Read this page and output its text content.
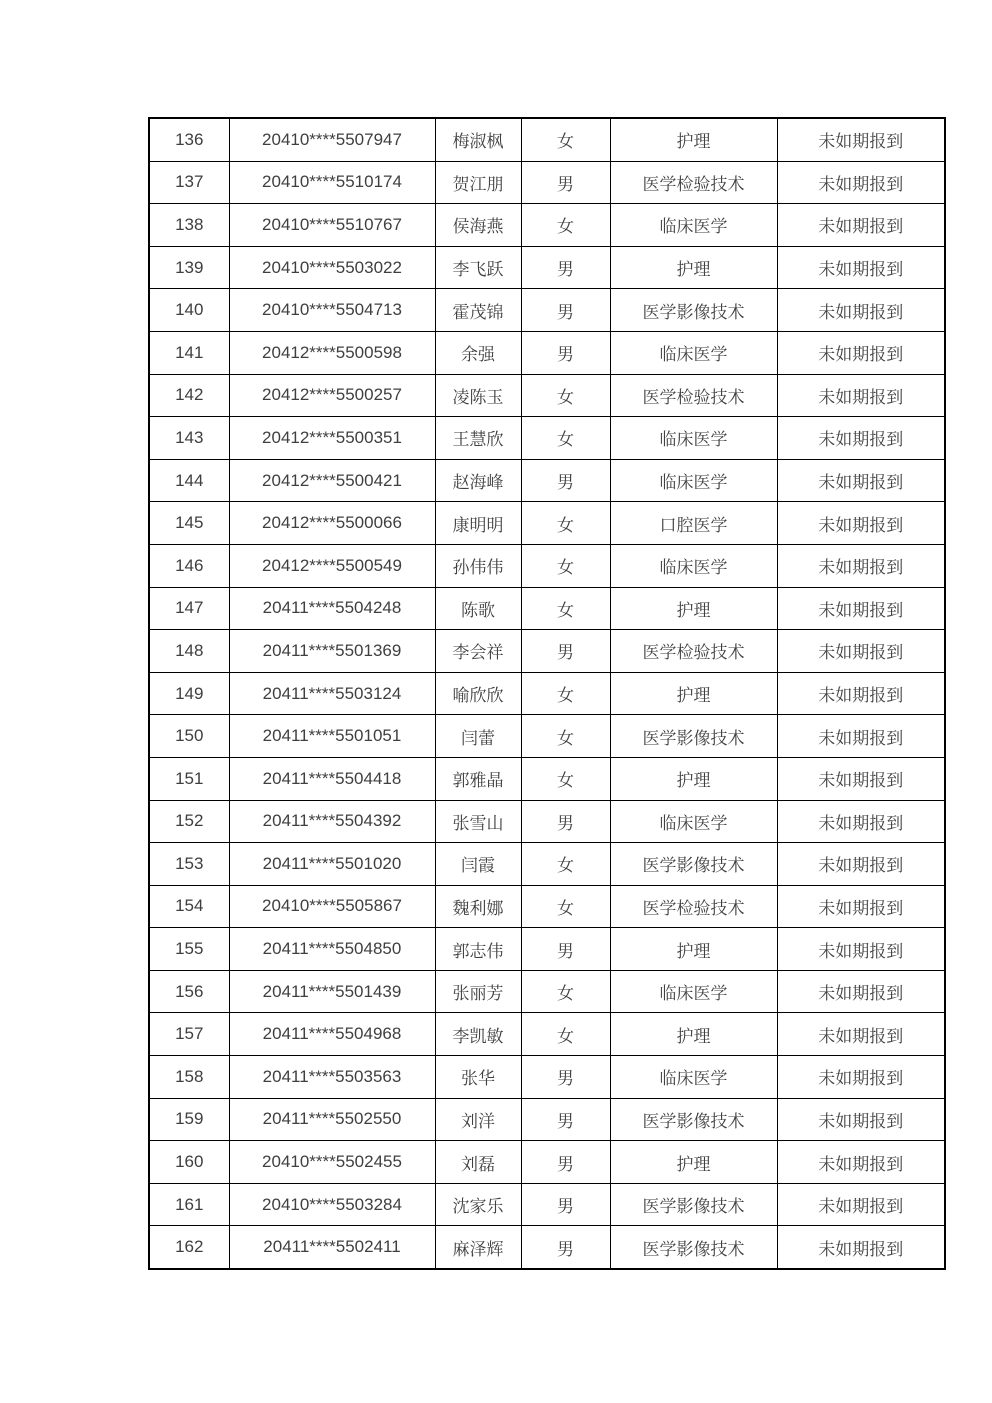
136	20410****5507947	梅淑枫	女	护理	未如期报到
137	20410****5510174	贺江朋	男	医学检验技术	未如期报到
138	20410****5510767	侯海燕	女	临床医学	未如期报到
139	20410****5503022	李飞跃	男	护理	未如期报到
140	20410****5504713	霍茂锦	男	医学影像技术	未如期报到
141	20412****5500598	余强	男	临床医学	未如期报到
142	20412****5500257	凌陈玉	女	医学检验技术	未如期报到
143	20412****5500351	王慧欣	女	临床医学	未如期报到
144	20412****5500421	赵海峰	男	临床医学	未如期报到
145	20412****5500066	康明明	女	口腔医学	未如期报到
146	20412****5500549	孙伟伟	女	临床医学	未如期报到
147	20411****5504248	陈歌	女	护理	未如期报到
148	20411****5501369	李会祥	男	医学检验技术	未如期报到
149	20411****5503124	喻欣欣	女	护理	未如期报到
150	20411****5501051	闫蕾	女	医学影像技术	未如期报到
151	20411****5504418	郭雅晶	女	护理	未如期报到
152	20411****5504392	张雪山	男	临床医学	未如期报到
153	20411****5501020	闫霞	女	医学影像技术	未如期报到
154	20410****5505867	魏利娜	女	医学检验技术	未如期报到
155	20411****5504850	郭志伟	男	护理	未如期报到
156	20411****5501439	张丽芳	女	临床医学	未如期报到
157	20411****5504968	李凯敏	女	护理	未如期报到
158	20411****5503563	张华	男	临床医学	未如期报到
159	20411****5502550	刘洋	男	医学影像技术	未如期报到
160	20410****5502455	刘磊	男	护理	未如期报到
161	20410****5503284	沈家乐	男	医学影像技术	未如期报到
162	20411****5502411	麻泽辉	男	医学影像技术	未如期报到
